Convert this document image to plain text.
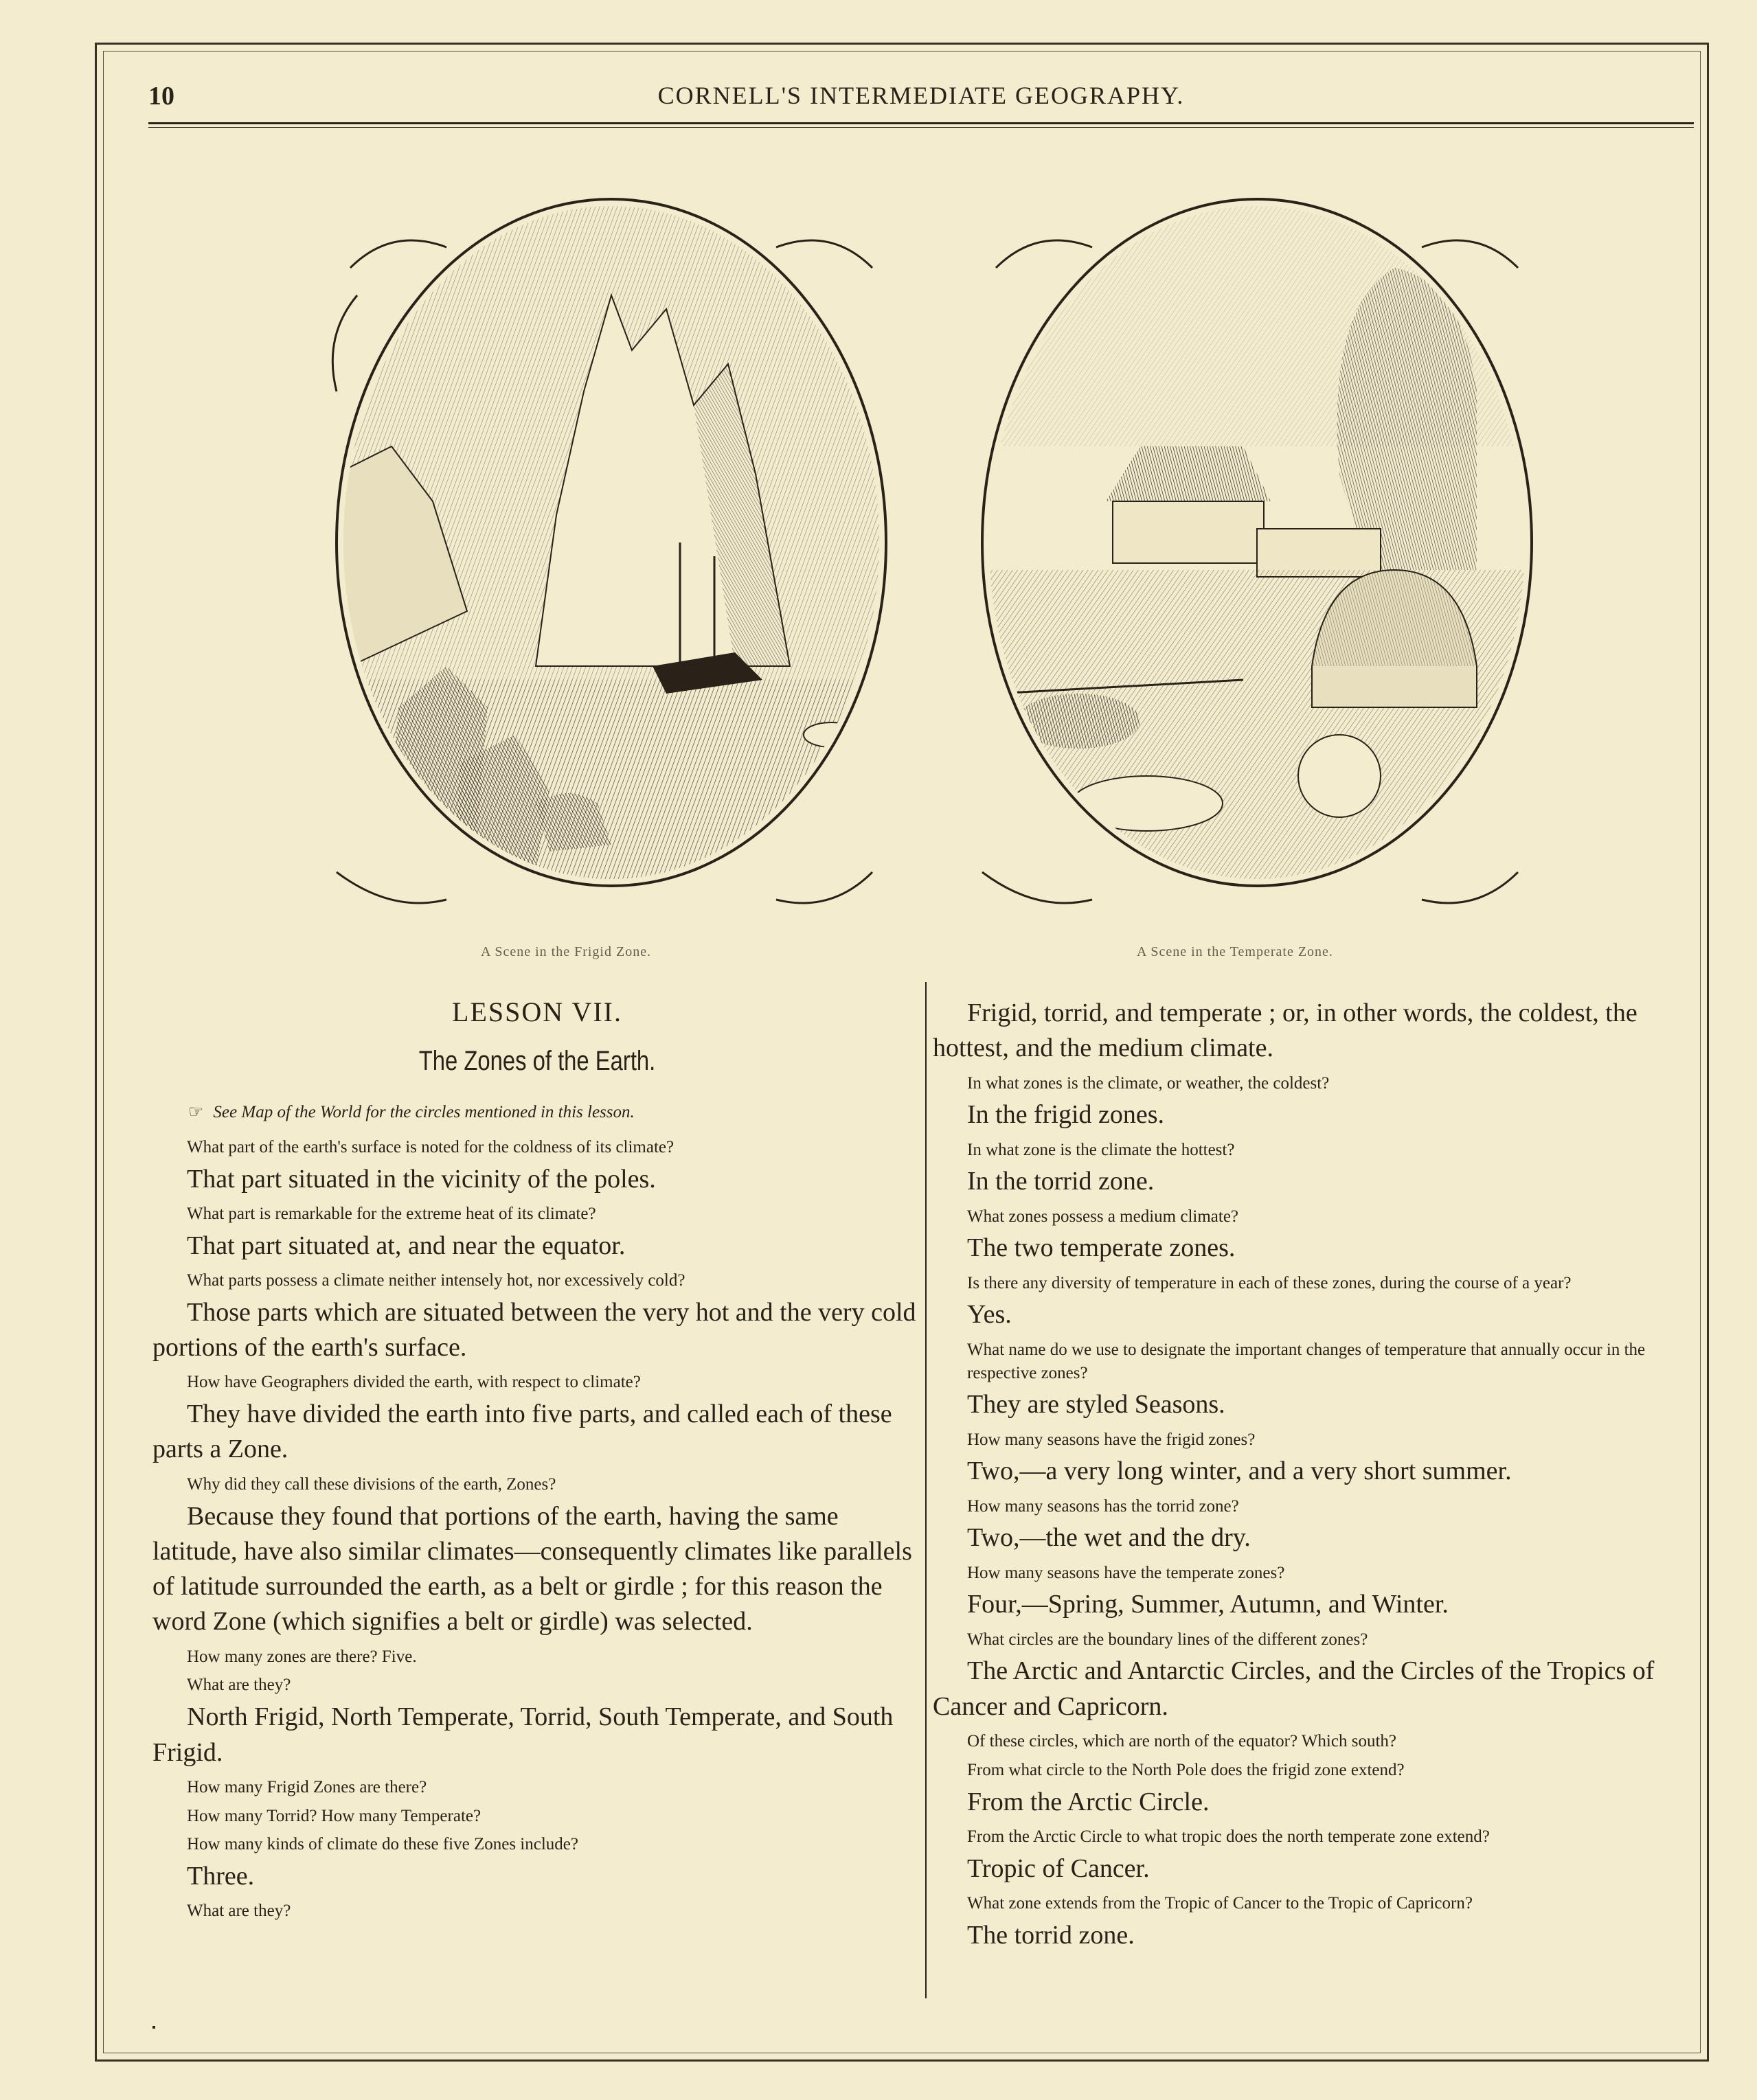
10	CORNELL'S INTERMEDIATE GEOGRAPHY.
A Scene in the Frigid Zone.	A Scene in the Temperate Zone.
LESSON VII.
The Zones of the Earth.
☞ See Map of the World for the circles mentioned in this lesson.
What part of the earth's surface is noted for the coldness of its climate?
That part situated in the vicinity of the poles.
What part is remarkable for the extreme heat of its climate?
That part situated at, and near the equator.
What parts possess a climate neither intensely hot, nor excessively cold?
Those parts which are situated between the very hot and the very cold portions of the earth's surface.
How have Geographers divided the earth, with respect to climate?
They have divided the earth into five parts, and called each of these parts a Zone.
Why did they call these divisions of the earth, Zones?
Because they found that portions of the earth, having the same latitude, have also similar climates—consequently climates like parallels of latitude surrounded the earth, as a belt or girdle ; for this reason the word Zone (which signifies a belt or girdle) was selected.
How many zones are there? Five.
What are they?
North Frigid, North Temperate, Torrid, South Temperate, and South Frigid.
How many Frigid Zones are there?
How many Torrid? How many Temperate?
How many kinds of climate do these five Zones include?
Three.
What are they?
Frigid, torrid, and temperate ; or, in other words, the coldest, the hottest, and the medium climate.
In what zones is the climate, or weather, the coldest?
In the frigid zones.
In what zone is the climate the hottest?
In the torrid zone.
What zones possess a medium climate?
The two temperate zones.
Is there any diversity of temperature in each of these zones, during the course of a year?
Yes.
What name do we use to designate the important changes of temperature that annually occur in the respective zones?
They are styled Seasons.
How many seasons have the frigid zones?
Two,—a very long winter, and a very short summer.
How many seasons has the torrid zone?
Two,—the wet and the dry.
How many seasons have the temperate zones?
Four,—Spring, Summer, Autumn, and Winter.
What circles are the boundary lines of the different zones?
The Arctic and Antarctic Circles, and the Circles of the Tropics of Cancer and Capricorn.
Of these circles, which are north of the equator? Which south?
From what circle to the North Pole does the frigid zone extend?
From the Arctic Circle.
From the Arctic Circle to what tropic does the north temperate zone extend?
Tropic of Cancer.
What zone extends from the Tropic of Cancer to the Tropic of Capricorn?
The torrid zone.
